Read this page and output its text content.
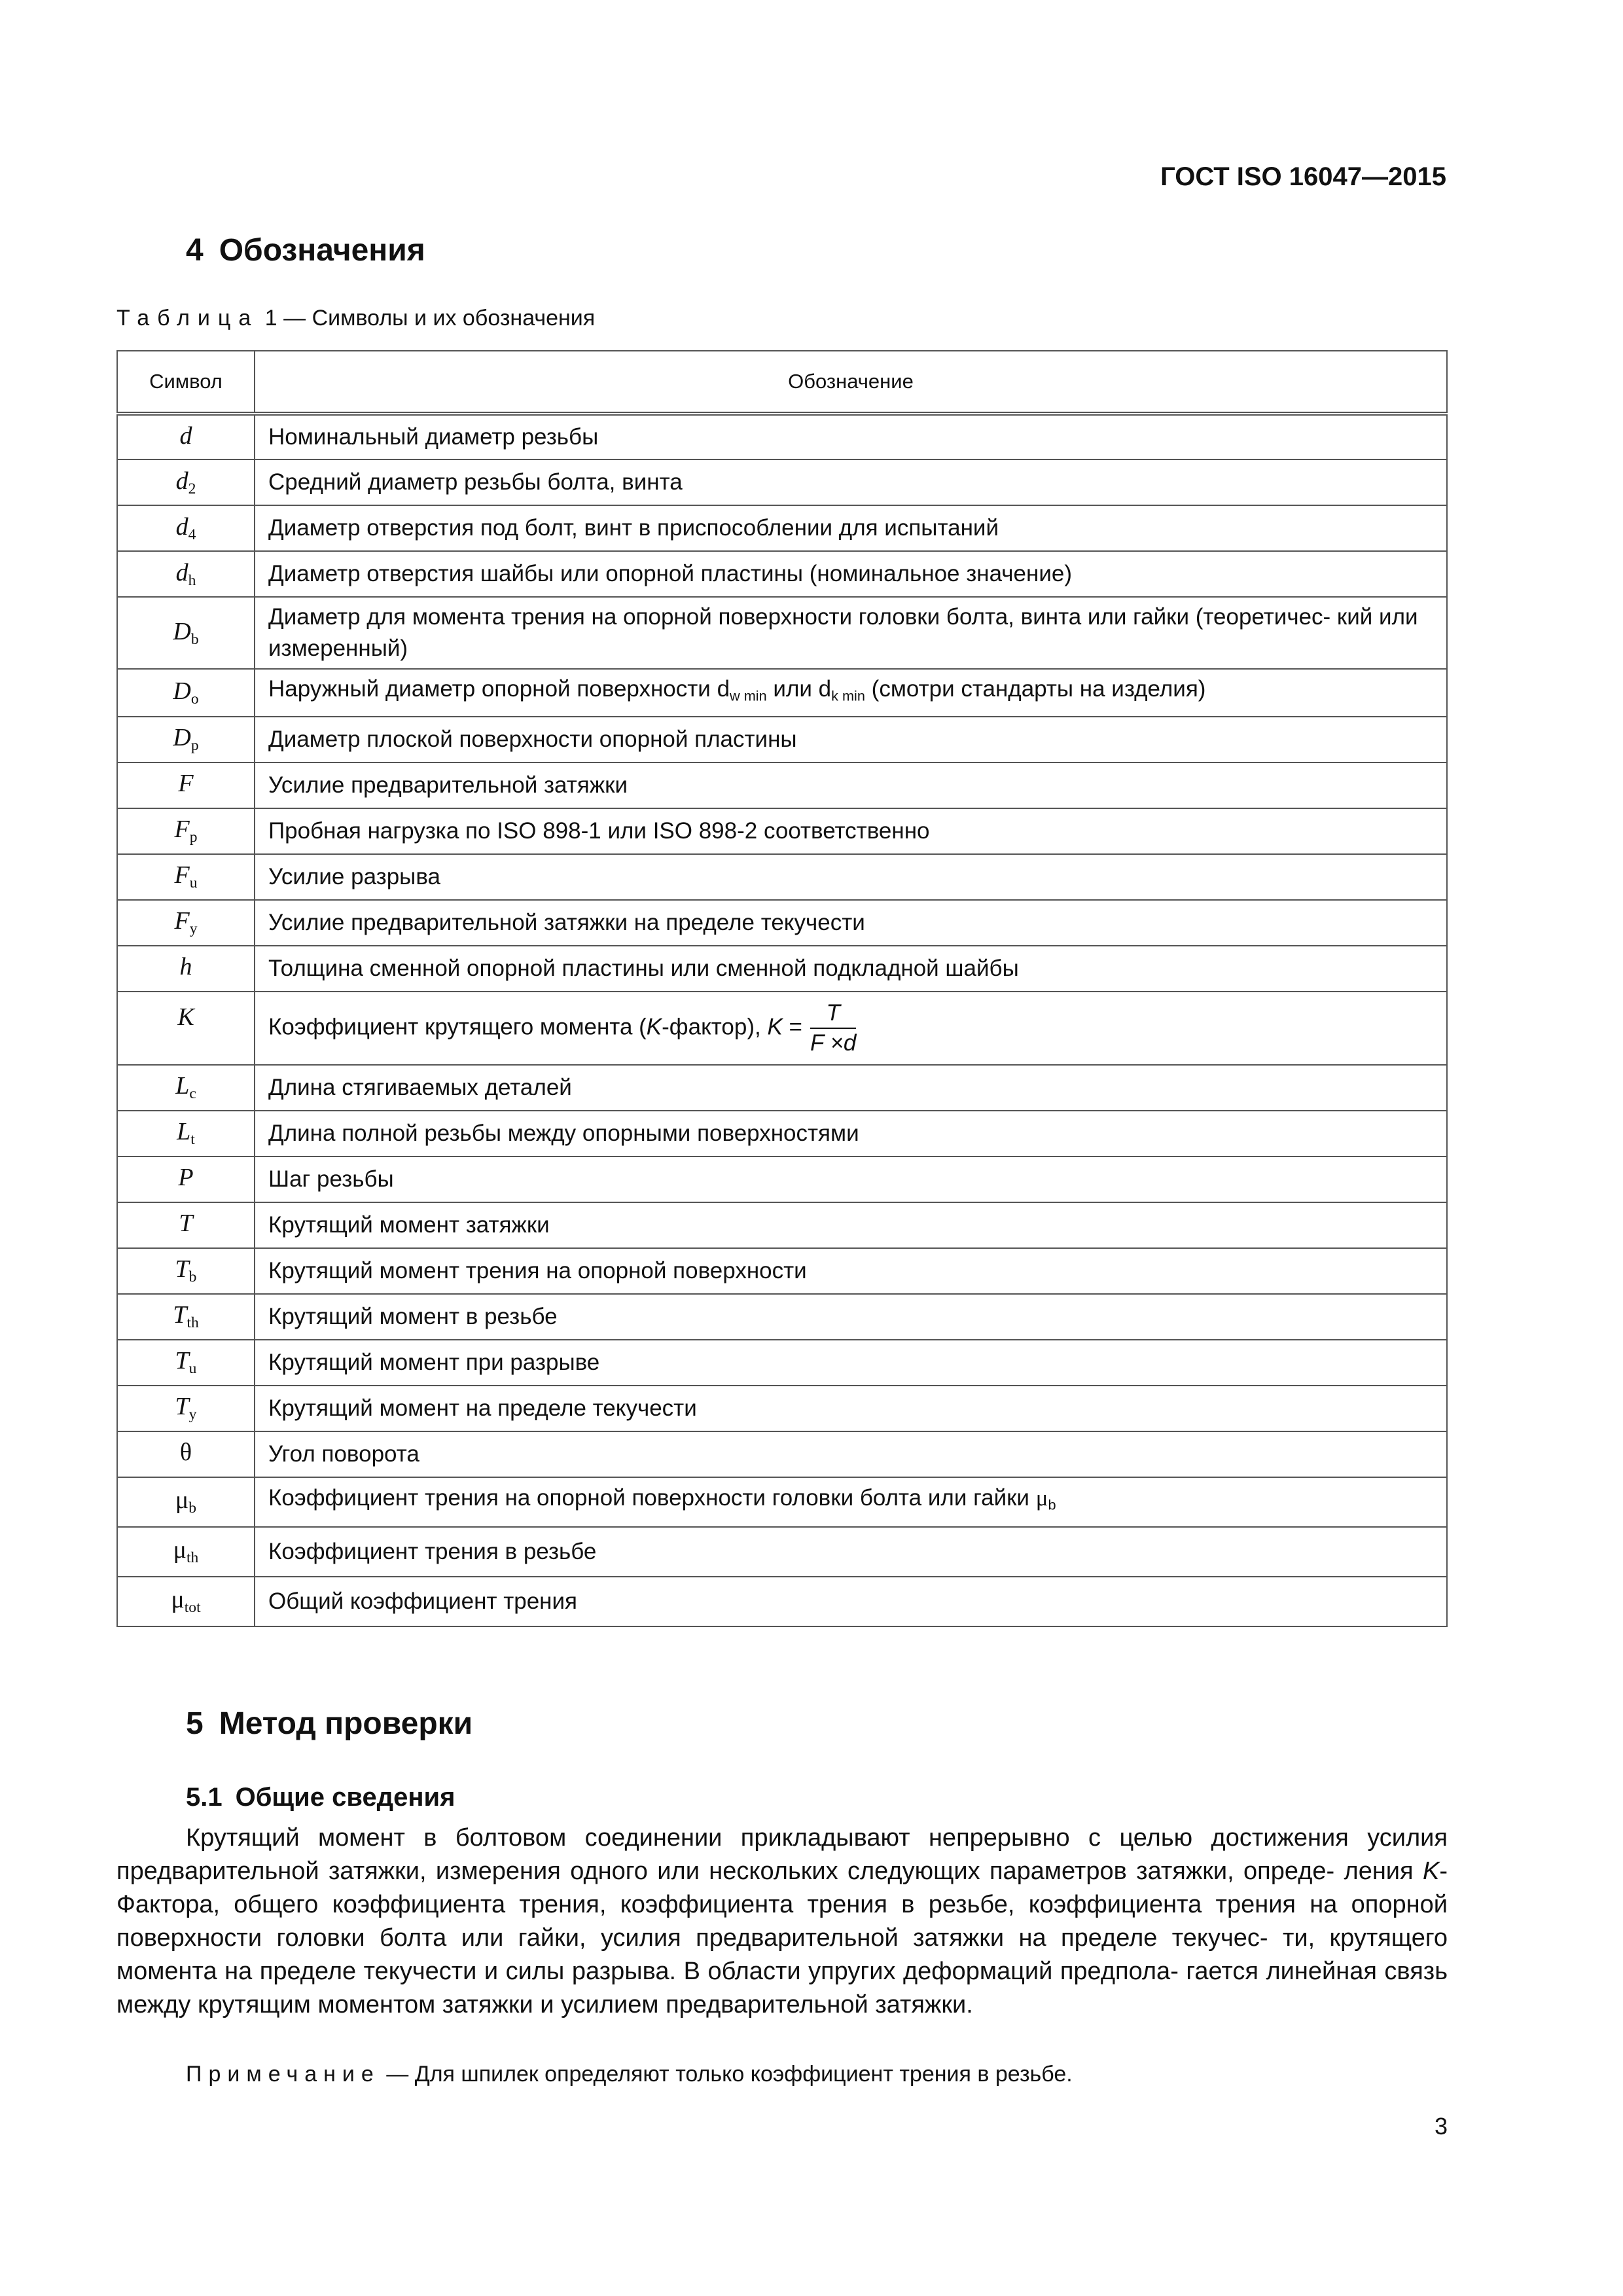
ГОСТ ISO 16047—2015
4 Обозначения
Таблица 1 — Символы и их обозначения
Символ	Обозначение
d	Номинальный диаметр резьбы
$d_2$	Средний диаметр резьбы болта, винта
$d_4$	Диаметр отверстия под болт, винт в приспособлении для испытаний
$d_h$	Диаметр отверстия шайбы или опорной пластины (номинальное значение)
$D_b$	Диаметр для момента трения на опорной поверхности головки болта, винта или гайки (теоретичес- кий или измеренный)
$D_o$	Наружный диаметр опорной поверхности $d_{w min}$ или $d_{k min}$ (смотри стандарты на изделия)
$D_p$	Диаметр плоской поверхности опорной пластины
F	Усилие предварительной затяжки
$F_p$	Пробная нагрузка по ISO 898-1 или ISO 898-2 соответственно
$F_u$	Усилие разрыва
$F_y$	Усилие предварительной затяжки на пределе текучести
h	Толщина сменной опорной пластины или сменной подкладной шайбы
K	Коэффициент крутящего момента (K-фактор), $K = \frac{T}{F \times d}$

$L_c$	Длина стягиваемых деталей
$L_t$	Длина полной резьбы между опорными поверхностями
P	Шаг резьбы
T	Крутящий момент затяжки
$T_b$	Крутящий момент трения на опорной поверхности
$T_{th}$	Крутящий момент в резьбе
$T_u$	Крутящий момент при разрыве
$T_y$	Крутящий момент на пределе текучести
θ	Угол поворота
$\mu_b$	Коэффициент трения на опорной поверхности головки болта или гайки $\mu_b$
$\mu_{th}$	Коэффициент трения в резьбе
$\mu_{tot}$	Общий коэффициент трения
5 Метод проверки
5.1 Общие сведения
Крутящий момент в болтовом соединении прикладывают непрерывно с целью достижения усилия предварительной затяжки, измерения одного или нескольких следующих параметров затяжки, опреде- ления K-Фактора, общего коэффициента трения, коэффициента трения в резьбе, коэффициента трения на опорной поверхности головки болта или гайки, усилия предварительной затяжки на пределе текучес- ти, крутящего момента на пределе текучести и силы разрыва. В области упругих деформаций предпола- гается линейная связь между крутящим моментом затяжки и усилием предварительной затяжки.
Примечание — Для шпилек определяют только коэффициент трения в резьбе.
3
